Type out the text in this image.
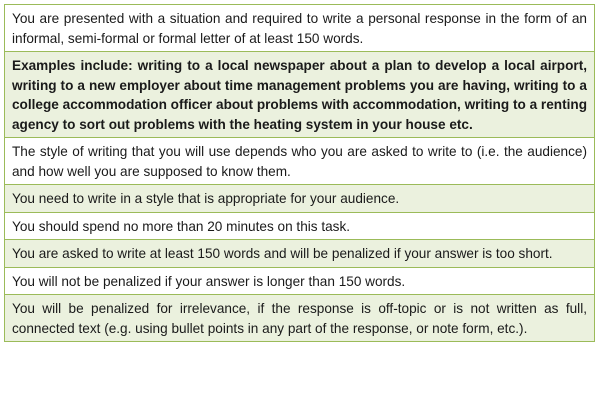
You are presented with a situation and required to write a personal response in the form of an informal, semi-formal or formal letter of at least 150 words.

Examples include: writing to a local newspaper about a plan to develop a local airport, writing to a new employer about time management problems you are having, writing to a college accommodation officer about problems with accommodation, writing to a renting agency to sort out problems with the heating system in your house etc.

The style of writing that you will use depends who you are asked to write to (i.e. the audience) and how well you are supposed to know them.

You need to write in a style that is appropriate for your audience.

You should spend no more than 20 minutes on this task.

You are asked to write at least 150 words and will be penalized if your answer is too short.

You will not be penalized if your answer is longer than 150 words.

You will be penalized for irrelevance, if the response is off-topic or is not written as full, connected text (e.g. using bullet points in any part of the response, or note form, etc.).
